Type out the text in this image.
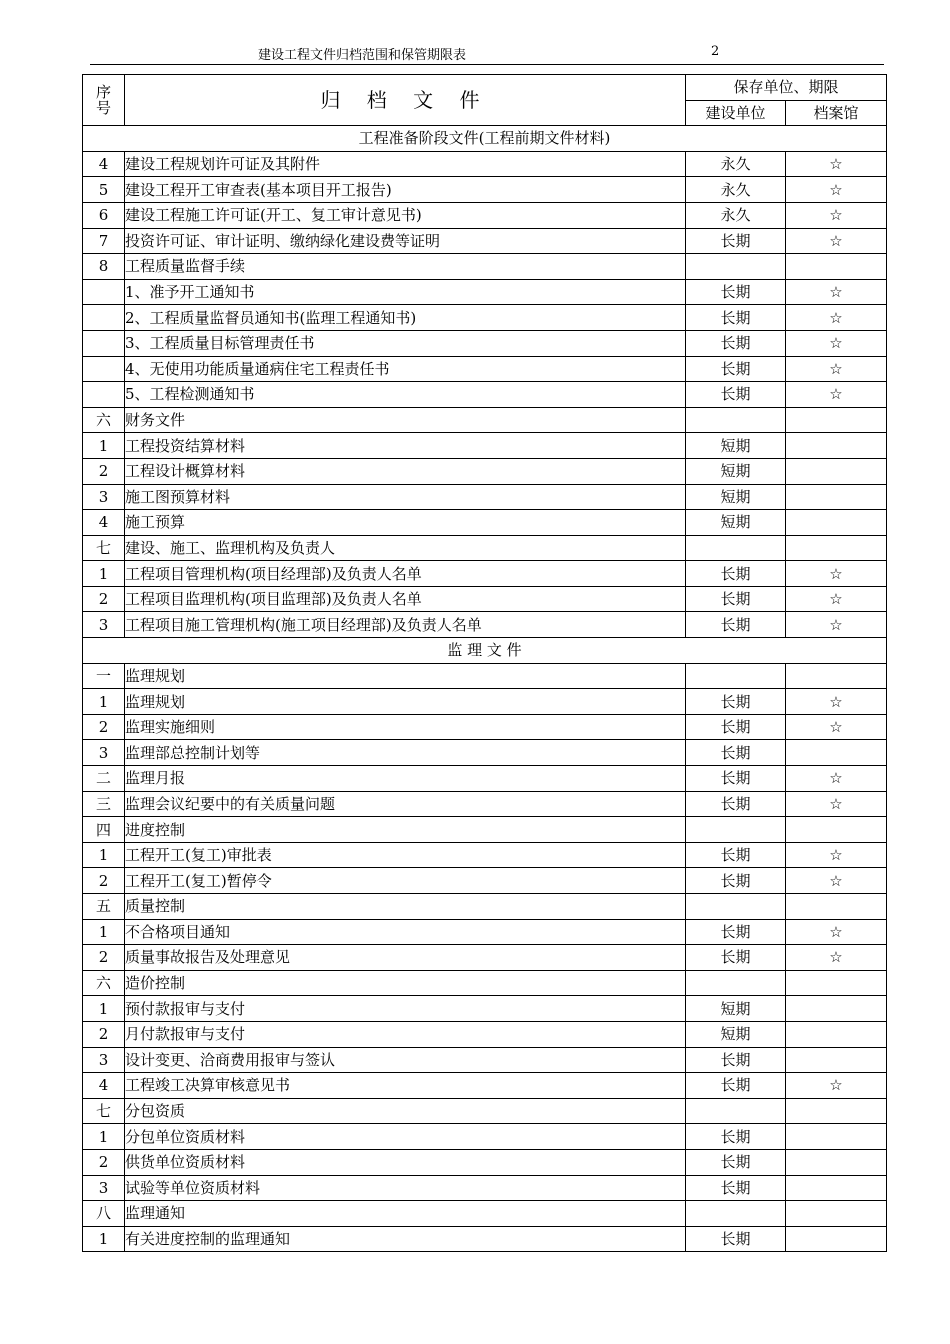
建设工程文件归档范围和保管期限表	2
序
号	归 档 文 件	保存单位、期限	
		建设单位	档案馆
工程准备阶段文件(工程前期文件材料)			
4	建设工程规划许可证及其附件	永久	☆
5	建设工程开工审查表(基本项目开工报告)	永久	☆
6	建设工程施工许可证(开工、复工审计意见书)	永久	☆
7	投资许可证、审计证明、缴纳绿化建设费等证明	长期	☆
8	工程质量监督手续		
	1、准予开工通知书	长期	☆
	2、工程质量监督员通知书(监理工程通知书)	长期	☆
	3、工程质量目标管理责任书	长期	☆
	4、无使用功能质量通病住宅工程责任书	长期	☆
	5、工程检测通知书	长期	☆
六	财务文件		
1	工程投资结算材料	短期	
2	工程设计概算材料	短期	
3	施工图预算材料	短期	
4	施工预算	短期	
七	建设、施工、监理机构及负责人		
1	工程项目管理机构(项目经理部)及负责人名单	长期	☆
2	工程项目监理机构(项目监理部)及负责人名单	长期	☆
3	工程项目施工管理机构(施工项目经理部)及负责人名单	长期	☆
监 理 文 件			
一	监理规划		
1	监理规划	长期	☆
2	监理实施细则	长期	☆
3	监理部总控制计划等	长期	
二	监理月报	长期	☆
三	监理会议纪要中的有关质量问题	长期	☆
四	进度控制		
1	工程开工(复工)审批表	长期	☆
2	工程开工(复工)暂停令	长期	☆
五	质量控制		
1	不合格项目通知	长期	☆
2	质量事故报告及处理意见	长期	☆
六	造价控制		
1	预付款报审与支付	短期	
2	月付款报审与支付	短期	
3	设计变更、洽商费用报审与签认	长期	
4	工程竣工决算审核意见书	长期	☆
七	分包资质		
1	分包单位资质材料	长期	
2	供货单位资质材料	长期	
3	试验等单位资质材料	长期	
八	监理通知		
1	有关进度控制的监理通知	长期	
